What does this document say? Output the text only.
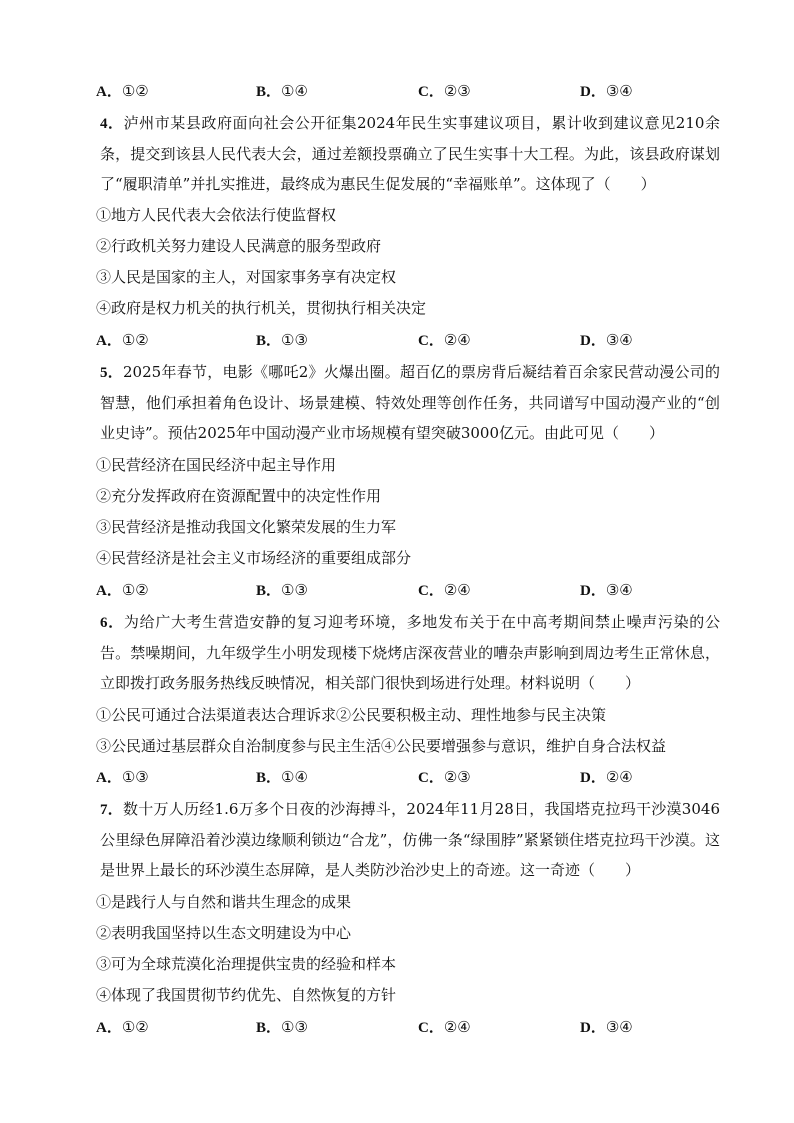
A．①②	B．①④	C．②③	D．③④
4．泸州市某县政府面向社会公开征集2024年民生实事建议项目，累计收到建议意见210余条，提交到该县人民代表大会，通过差额投票确立了民生实事十大工程。为此，该县政府谋划了“履职清单”并扎实推进，最终成为惠民生促发展的“幸福账单”。这体现了（　　）
①地方人民代表大会依法行使监督权
②行政机关努力建设人民满意的服务型政府
③人民是国家的主人，对国家事务享有决定权
④政府是权力机关的执行机关，贯彻执行相关决定
A．①②	B．①③	C．②④	D．③④
5．2025年春节，电影《哪吒2》火爆出圈。超百亿的票房背后凝结着百余家民营动漫公司的智慧，他们承担着角色设计、场景建模、特效处理等创作任务，共同谱写中国动漫产业的“创业史诗”。预估2025年中国动漫产业市场规模有望突破3000亿元。由此可见（　　）
①民营经济在国民经济中起主导作用
②充分发挥政府在资源配置中的决定性作用
③民营经济是推动我国文化繁荣发展的生力军
④民营经济是社会主义市场经济的重要组成部分
A．①②	B．①③	C．②④	D．③④
6．为给广大考生营造安静的复习迎考环境，多地发布关于在中高考期间禁止噪声污染的公告。禁噪期间，九年级学生小明发现楼下烧烤店深夜营业的嘈杂声影响到周边考生正常休息，立即拨打政务服务热线反映情况，相关部门很快到场进行处理。材料说明（　　）
①公民可通过合法渠道表达合理诉求②公民要积极主动、理性地参与民主决策
③公民通过基层群众自治制度参与民主生活④公民要增强参与意识，维护自身合法权益
A．①③	B．①④	C．②③	D．②④
7．数十万人历经1.6万多个日夜的沙海搏斗，2024年11月28日，我国塔克拉玛干沙漠3046公里绿色屏障沿着沙漠边缘顺利锁边“合龙”，仿佛一条“绿围脖”紧紧锁住塔克拉玛干沙漠。这是世界上最长的环沙漠生态屏障，是人类防沙治沙史上的奇迹。这一奇迹（　　）
①是践行人与自然和谐共生理念的成果
②表明我国坚持以生态文明建设为中心
③可为全球荒漠化治理提供宝贵的经验和样本
④体现了我国贯彻节约优先、自然恢复的方针
A．①②	B．①③	C．②④	D．③④
